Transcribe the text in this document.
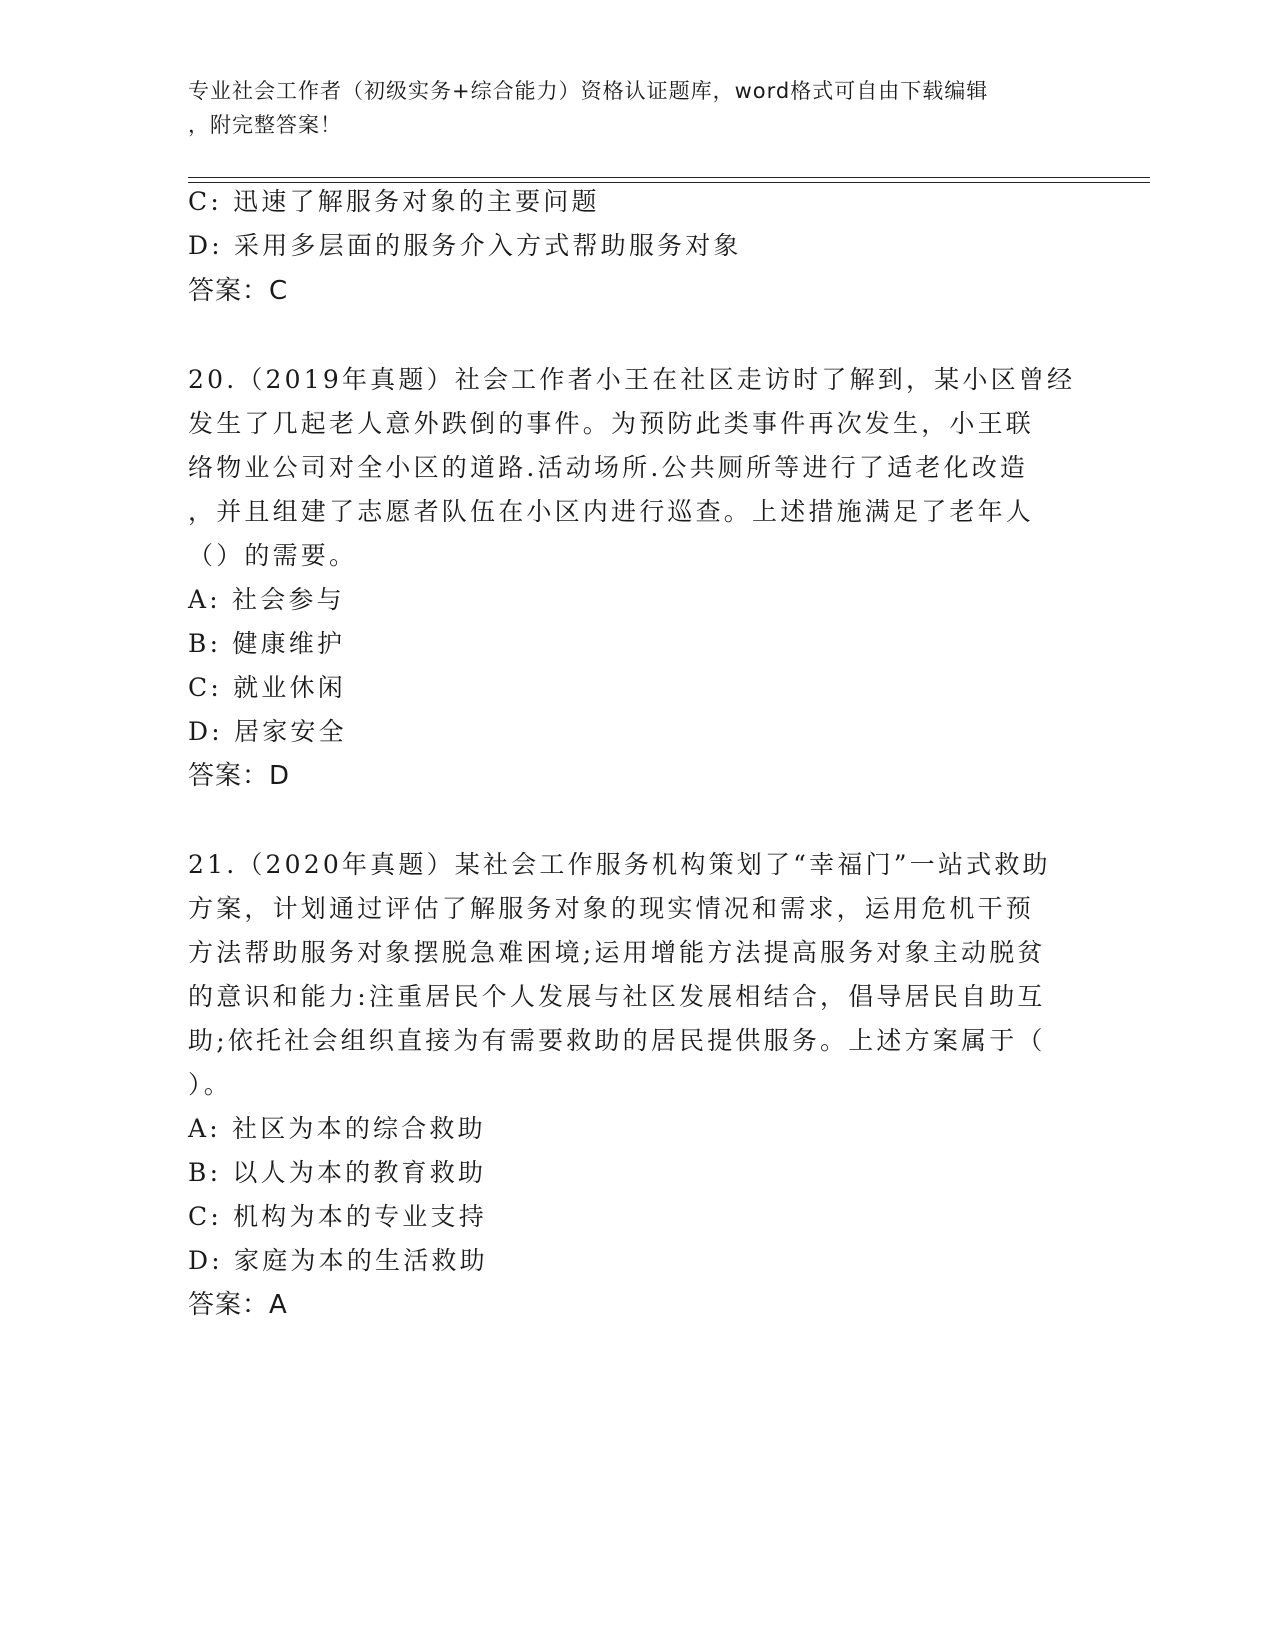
专业社会工作者（初级实务+综合能力）资格认证题库，word格式可自由下载编辑
，附完整答案！
C: 迅速了解服务对象的主要问题
D: 采用多层面的服务介入方式帮助服务对象
答案：C
20.（2019年真题）社会工作者小王在社区走访时了解到，某小区曾经
发生了几起老人意外跌倒的事件。为预防此类事件再次发生，小王联
络物业公司对全小区的道路.活动场所.公共厕所等进行了适老化改造
，并且组建了志愿者队伍在小区内进行巡查。上述措施满足了老年人
（）的需要。
A: 社会参与
B: 健康维护
C: 就业休闲
D: 居家安全
答案：D
21.（2020年真题）某社会工作服务机构策划了“幸福门”一站式救助
方案，计划通过评估了解服务对象的现实情况和需求，运用危机干预
方法帮助服务对象摆脱急难困境;运用增能方法提高服务对象主动脱贫
的意识和能力:注重居民个人发展与社区发展相结合，倡导居民自助互
助;依托社会组织直接为有需要救助的居民提供服务。上述方案属于（
）。
A: 社区为本的综合救助
B: 以人为本的教育救助
C: 机构为本的专业支持
D: 家庭为本的生活救助
答案：A
